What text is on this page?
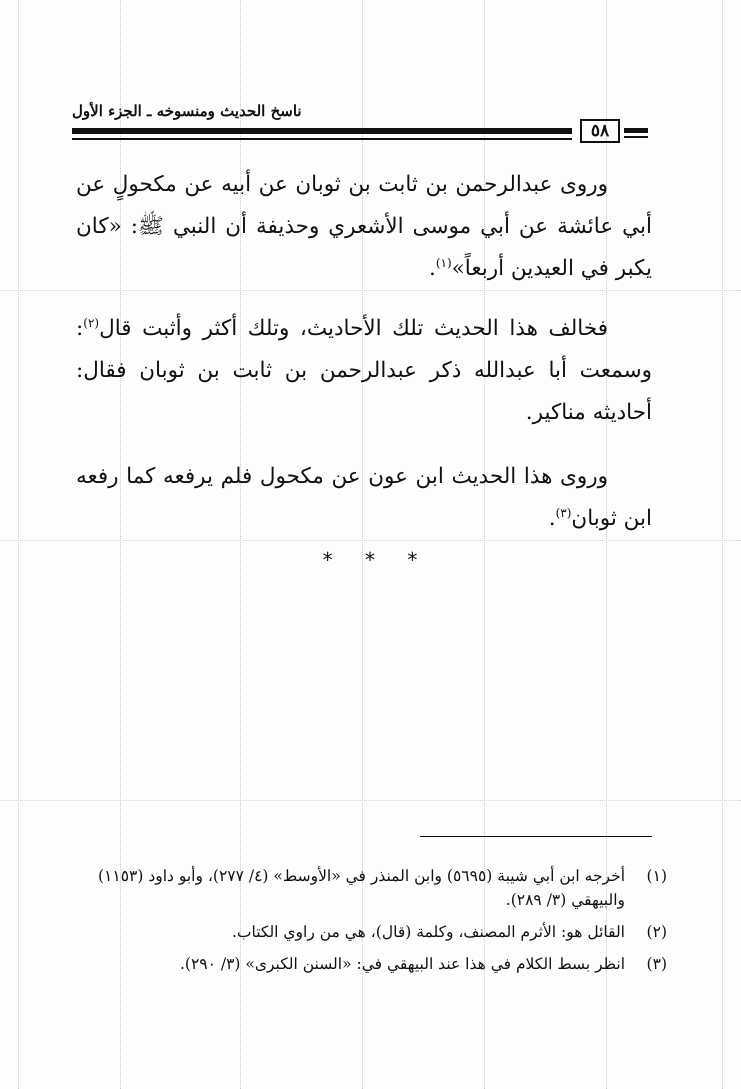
ناسخ الحديث ومنسوخه ـ الجزء الأول
٥٨

وروى عبدالرحمن بن ثابت بن ثوبان عن أبيه عن مكحولٍ عن أبي عائشة عن أبي موسى الأشعري وحذيفة أن النبي ﷺ: «كان يكبر في العيدين أربعاً»$^{(١)}$.

فخالف هذا الحديث تلك الأحاديث، وتلك أكثر وأثبت قال$^{(٢)}$: وسمعت أبا عبدالله ذكر عبدالرحمن بن ثابت بن ثوبان فقال: أحاديثه مناكير.

وروى هذا الحديث ابن عون عن مكحول فلم يرفعه كما رفعه ابن ثوبان$^{(٣)}$.

* * *
(١)
أخرجه ابن أبي شيبة (٥٦٩٥) وابن المنذر في «الأوسط» (٤/ ٢٧٧)، وأبو داود (١١٥٣) والبيهقي (٣/ ٢٨٩).
(٢)
القائل هو: الأثرم المصنف، وكلمة (قال)، هي من راوي الكتاب.
(٣)
انظر بسط الكلام في هذا عند البيهقي في: «السنن الكبرى» (٣/ ٢٩٠).
